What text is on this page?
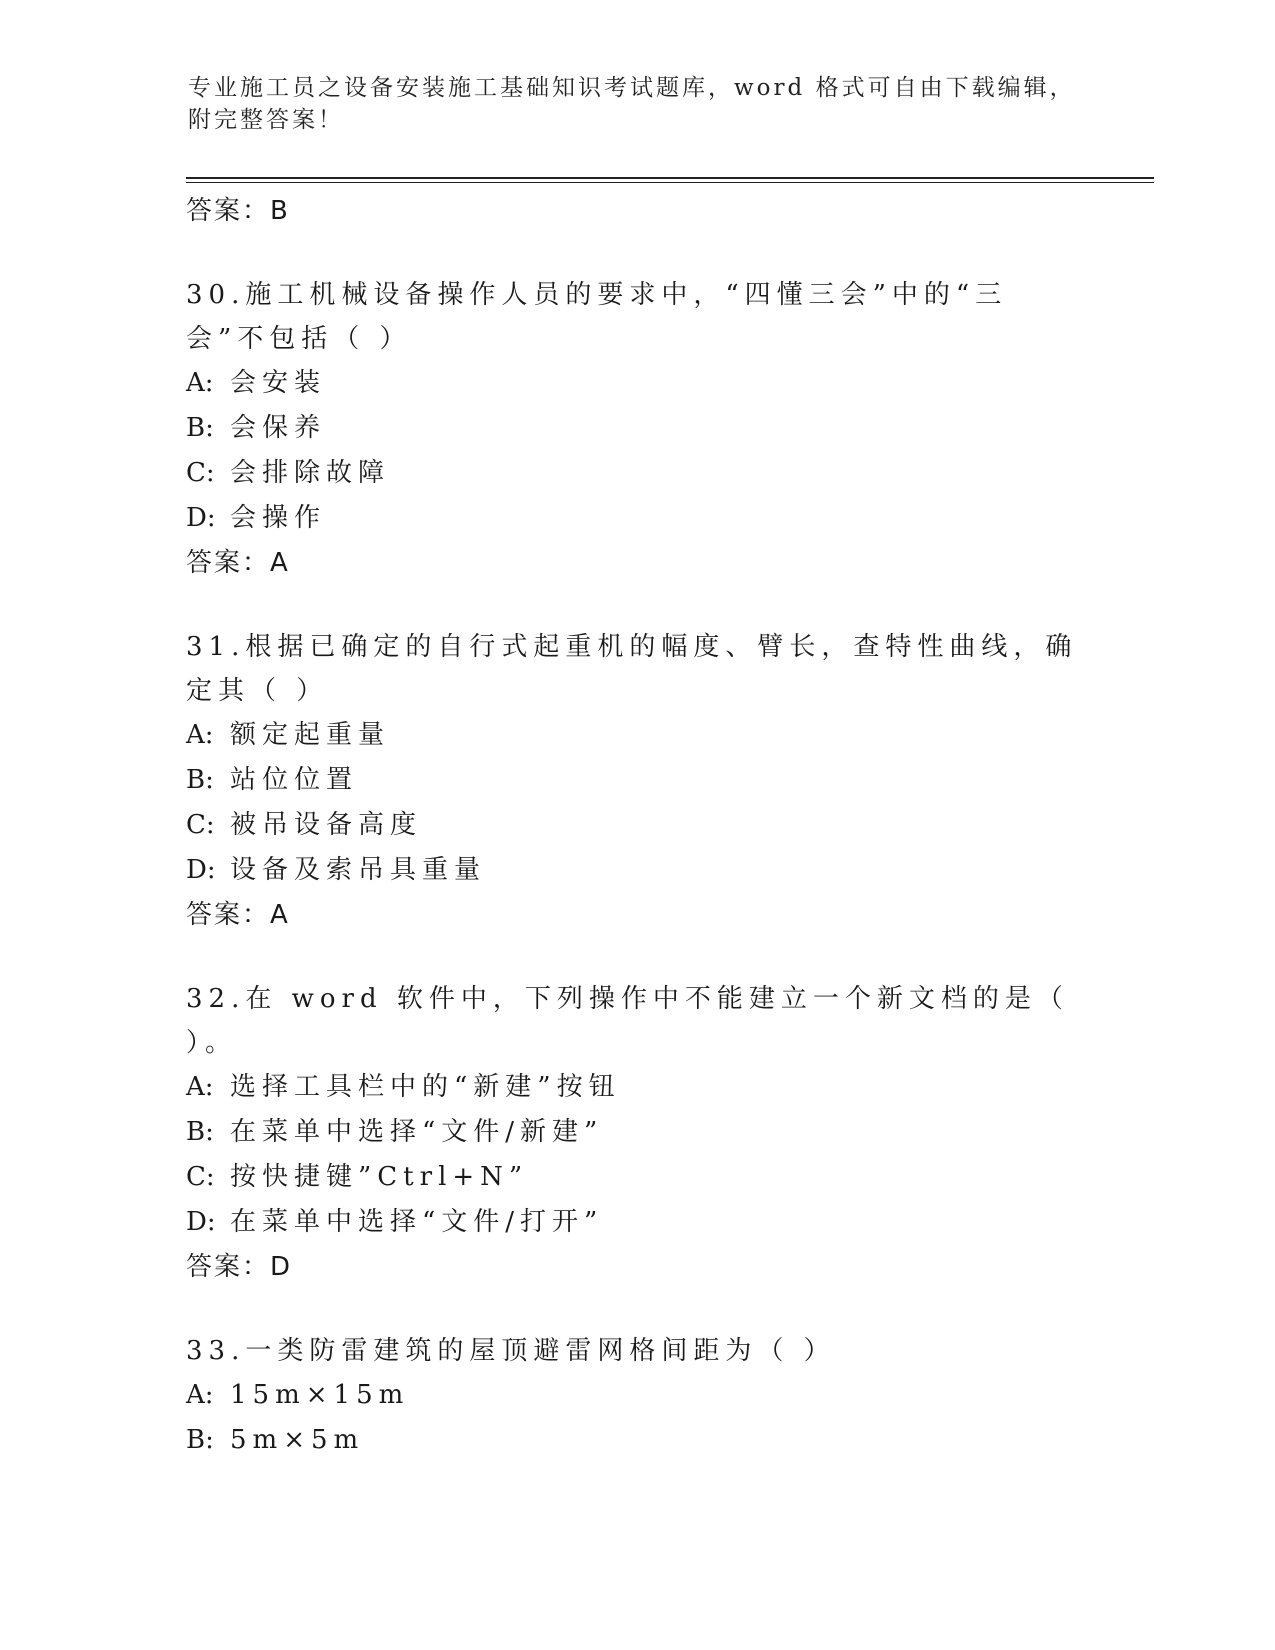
专业施工员之设备安装施工基础知识考试题库，word 格式可自由下载编辑，附完整答案！
答案：B
30.施工机械设备操作人员的要求中，“四懂三会”中的“三会”不包括（ ）
A: 会安装
B: 会保养
C: 会排除故障
D: 会操作
答案：A
31.根据已确定的自行式起重机的幅度、臂长，查特性曲线，确定其（ ）
A: 额定起重量
B: 站位位置
C: 被吊设备高度
D: 设备及索吊具重量
答案：A
32.在 word 软件中，下列操作中不能建立一个新文档的是（ ）。
A: 选择工具栏中的“新建”按钮
B: 在菜单中选择“文件/新建”
C: 按快捷键”Ctrl+N”
D: 在菜单中选择“文件/打开”
答案：D
33.一类防雷建筑的屋顶避雷网格间距为（ ）
A: 15m×15m
B: 5m×5m
